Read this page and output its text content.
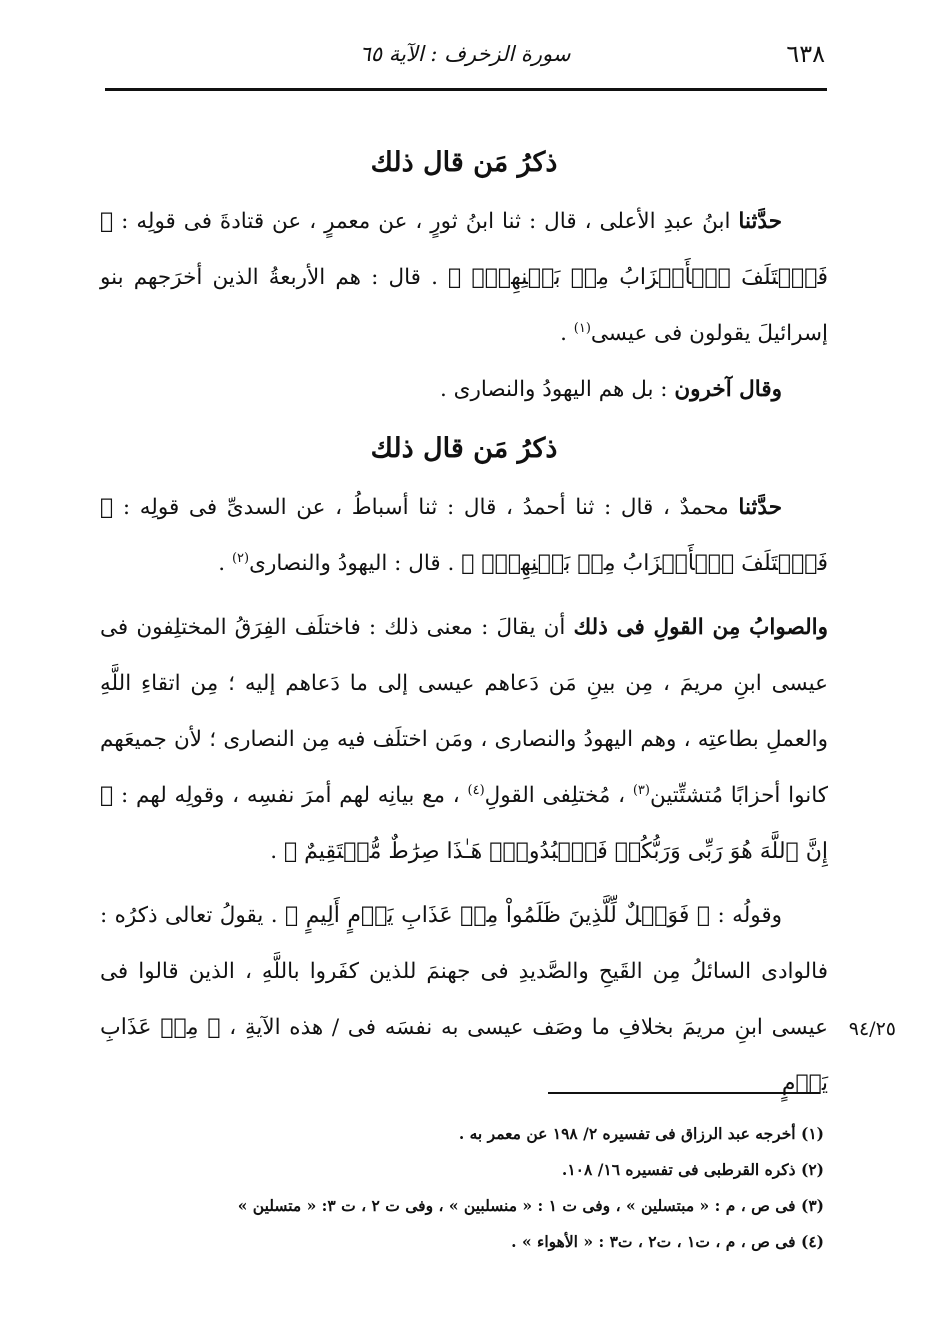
٦٣٨
سورة الزخرف : الآية ٦٥

ذكرُ مَن قال ذلك

حدَّثنا ابنُ عبدِ الأعلى ، قال : ثنا ابنُ ثورٍ ، عن معمرٍ ، عن قتادةَ فى قولِه : ﴿ فَٱخۡتَلَفَ ٱلۡأَحۡزَابُ مِنۢ بَيۡنِهِمۡۖ ﴾ . قال : هم الأربعةُ الذين أخرَجهم بنو إسرائيلَ يقولون فى عيسى$^{(١)}$ .

وقال آخرون : بل هم اليهودُ والنصارى .

ذكرُ مَن قال ذلك

حدَّثنا محمدٌ ، قال : ثنا أحمدُ ، قال : ثنا أسباطُ ، عن السدىِّ فى قولِه : ﴿ فَٱخۡتَلَفَ ٱلۡأَحۡزَابُ مِنۢ بَيۡنِهِمۡۖ ﴾ . قال : اليهودُ والنصارى$^{(٢)}$ .

والصوابُ مِن القولِ فى ذلك أن يقالَ : معنى ذلك : فاختلَف الفِرَقُ المختلِفون فى عيسى ابنِ مريمَ ، مِن بينِ مَن دَعاهم عيسى إلى ما دَعاهم إليه ؛ مِن اتقاءِ اللَّهِ والعملِ بطاعتِه ، وهم اليهودُ والنصارى ، ومَن اختلَف فيه مِن النصارى ؛ لأن جميعَهم كانوا أحزابًا مُتشتِّتين$^{(٣)}$ ، مُختلِفى القولِ$^{(٤)}$ ، مع بيانِه لهم أمرَ نفسِه ، وقولِه لهم : ﴿ إِنَّ ٱللَّهَ هُوَ رَبِّى وَرَبُّكُمۡ فَٱعۡبُدُوهُۚ هَـٰذَا صِرَٰطٌ مُّسۡتَقِيمٌ ﴾ .

وقولُه : ﴿ فَوَيۡلٌ لِّلَّذِينَ ظَلَمُواْ مِنۡ عَذَابِ يَوۡمٍ أَلِيمٍ ﴾ . يقولُ تعالى ذكرُه : فالوادى السائلُ مِن القَيحِ والصَّديدِ فى جهنمَ للذين كفَروا باللَّهِ ، الذين قالوا فى عيسى ابنِ مريمَ بخلافِ ما وصَف عيسى به نفسَه فى / هذه الآيةِ ، ﴿ مِنۡ عَذَابِ يَوۡمٍ

٩٤/٢٥

(١) أخرجه عبد الرزاق فى تفسيره ٢/ ١٩٨ عن معمر به .

(٢) ذكره القرطبى فى تفسيره ١٦/ ١٠٨.

(٣) فى ص ، م : « مبتسلين » ، وفى ت ١ : « منسلبين » ، وفى ت ٢ ، ت ٣: « متسلين »

(٤) فى ص ، م ، ت١ ، ت٢ ، ت٣ : « الأهواء » .
